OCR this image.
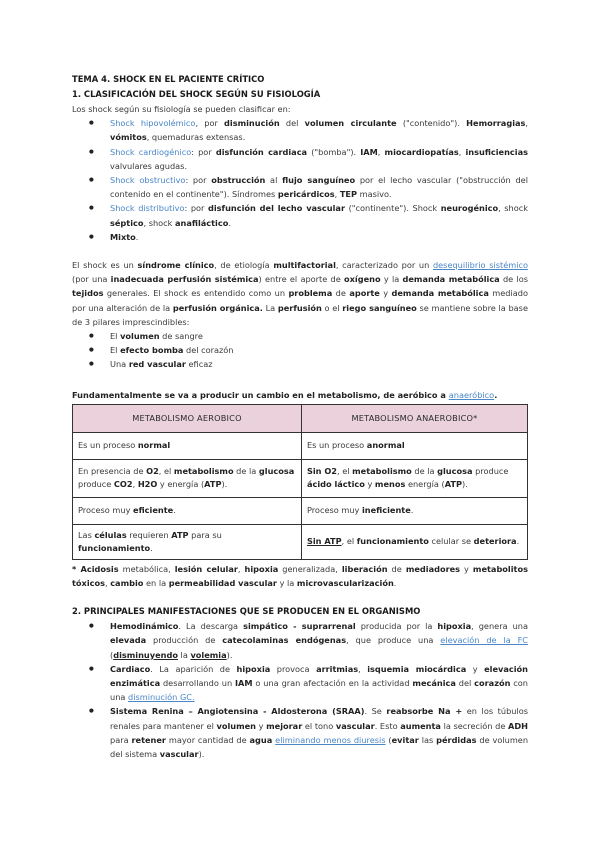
TEMA 4. SHOCK EN EL PACIENTE CRÍTICO

1. CLASIFICACIÓN DEL SHOCK SEGÚN SU FISIOLOGÍA

Los shock según su fisiología se pueden clasificar en:

● Shock hipovolémico, por disminución del volumen circulante ("contenido"). Hemorragias, vómitos, quemaduras extensas.
● Shock cardiogénico: por disfunción cardiaca ("bomba"). IAM, miocardiopatías, insuficiencias valvulares agudas.
● Shock obstructivo: por obstrucción al flujo sanguíneo por el lecho vascular ("obstrucción del contenido en el continente"). Síndromes pericárdicos, TEP masivo.
● Shock distributivo: por disfunción del lecho vascular ("continente"). Shock neurogénico, shock séptico, shock anafiláctico.
● Mixto.

El shock es un síndrome clínico, de etiología multifactorial, caracterizado por un desequilibrio sistémico (por una inadecuada perfusión sistémica) entre el aporte de oxígeno y la demanda metabólica de los tejidos generales. El shock es entendido como un problema de aporte y demanda metabólica mediado por una alteración de la perfusión orgánica. La perfusión o el riego sanguíneo se mantiene sobre la base de 3 pilares imprescindibles:

● El volumen de sangre
● El efecto bomba del corazón
● Una red vascular eficaz

Fundamentalmente se va a producir un cambio en el metabolismo, de aeróbico a anaeróbico.

METABOLISMO AEROBICO	METABOLISMO ANAEROBICO*
Es un proceso normal	Es un proceso anormal
En presencia de O2, el metabolismo de la glucosa produce CO2, H2O y energía (ATP).	Sin O2, el metabolismo de la glucosa produce ácido láctico y menos energía (ATP).
Proceso muy eficiente.	Proceso muy ineficiente.
Las células requieren ATP para su funcionamiento.	Sin ATP, el funcionamiento celular se deteriora.

* Acidosis metabólica, lesión celular, hipoxia generalizada, liberación de mediadores y metabolitos tóxicos, cambio en la permeabilidad vascular y la microvascularización.

2. PRINCIPALES MANIFESTACIONES QUE SE PRODUCEN EN EL ORGANISMO

● Hemodinámico. La descarga simpático - suprarrenal producida por la hipoxia, genera una elevada producción de catecolaminas endógenas, que produce una elevación de la FC (disminuyendo la volemia).
● Cardiaco. La aparición de hipoxia provoca arritmias, isquemia miocárdica y elevación enzimática desarrollando un IAM o una gran afectación en la actividad mecánica del corazón con una disminución GC.
● Sistema Renina – Angiotensina - Aldosterona (SRAA). Se reabsorbe Na + en los túbulos renales para mantener el volumen y mejorar el tono vascular. Esto aumenta la secreción de ADH para retener mayor cantidad de agua eliminando menos diuresis (evitar las pérdidas de volumen del sistema vascular).
